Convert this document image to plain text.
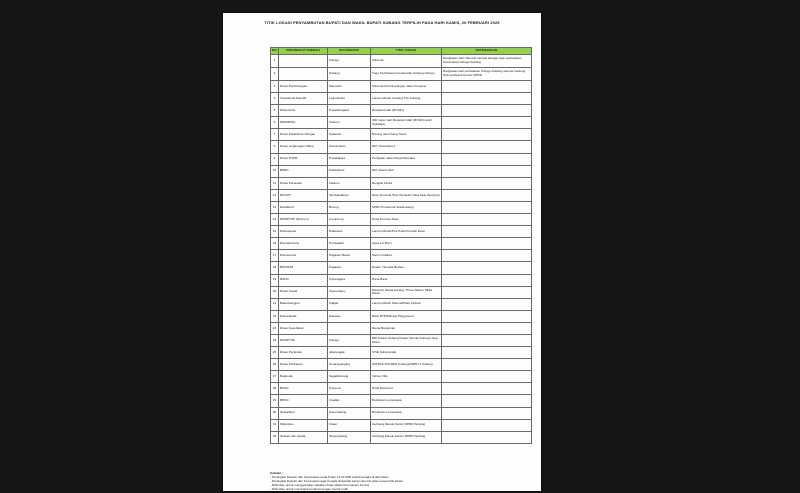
TITIK LOKASI PENYAMBUTAN BUPATI DAN WAKIL BUPATI SUBANG TERPILIH PADA HARI KAMIS, 20 FEBRUARI 2025
NO.	PERANGKAT DAERAH	KECAMATAN	TITIK LOKASI	KETERANGAN
1		Cibogo	Cikonrat	Rangkaian dari Cikonrat sampai dengan tugu perbatasan Kecamatan Cibogo-Subang
2		Subang	Tugu Perbatasan Kecamatan Subang-Cibogo	Rangkaian dari perbatasan Cibogo-Subang sampai Gedung Wisma Masuk Kantor DPRD
3	Dinas Perhubungan	Manokan	Cikonrat (Persimpangan Jalan Ampera)	
4	Inspektorat Daerah	Legonkulon	Lampu Merah Gedung Tuk Subang	
5	Diskominfo	Pusakanagara	Rusada Indah (RCSIN)	
6	DPDMPSA	Ciasem	300 meter dari Rusada Indah (RCSIN) arah Sukalaya	
7	Dinas Ketahanan Pangan	Sukasari	Barong Jarot Kang Nana	
8	Dinas Lingkungan Hidup	Pamanukan	RM. Nusantara 2	
9	Dinas PUPR	Pusakajaya	Pertigaan Jalan Raya Pramuka	
10	BPBD	Patokbeusi	RM. Rasim Nuli	
11	Dinas Pertanian	Cikaum	Bengkel Fenta	
12	DKUPP	Tambakdahan	Near Terminal Hias (Setelah Utara Sate Djempol)	
13	Disdikbud	Binong	SPBU Pertamina Sukamelang	
14	DPMPTSP (Nimrum)	Compreng	Hotel Puri Ian Dewi	
15	Diskoperasi	Pabuaran	Lampu Merah/Pos Polisi Pondok Dewi	
16	Disnakertrans	Purwadadi	Agus Ltz Burn	
17	Disnaventis	Pagaden Barat	Sam's Gradiez	
18	BKPSDM	Pagaden	Dealer Yamaha Bethen	
19	RSUD	Cipunagara	Hana Bank	
20	Dinas Sosial	Cipeundeuy	Minimart Istana Karang, Three Starter Pillas Plaza	
21	Bakesbangpol	Kalijati	Lampu Merah Wanna/Pillas Ciptual	
22	Dispartipala	Dawuan	Bank BTPN/Regio Playground	
23	Dinas Kesehatan		Rama Bangunan	
24	DPMPTSP	Cibogo	BRI Kantor Subang Dealer Suzuki Subang Jaya Motor	
25	Dinas Pertanian	Jalancagak	STIE Subamnidja	
26	Dinas Perikanan	Serangpanjang	SATPAS POLRES Subang/SMPN 3 Subang	
27	Bappeda	Sagalaherang	Yellow Ville	
28	BKAD	Ciponoa	Hotel Diamond	
29	BPKD	Cisalak	Bundaran Lempasala	
30	Setpahkon	Kasomalang	Bundaran Lempasala	
31	Dikiaripus	Ciater	Gerbang Masuk Kantor DPRD Subang	
32	Setwan dan Satda	Tanjungsiang	Gerbang Masuk Kantor DPRD Subang	
Catatan :
- Perangkat Daerah dan Kecamatan pada Pukul 14.30 WIB sudah berada di titik lokasi
- Perangkat Daerah dan Kecamatan agar berada disebelah kanan dan kiri jalan sesuai titik lokasi
- Dihimbau untuk menggunakan pakaian dinas dilebel bermacam kuning
- Dihimbau untuk membawa bendera lengan merah putih
